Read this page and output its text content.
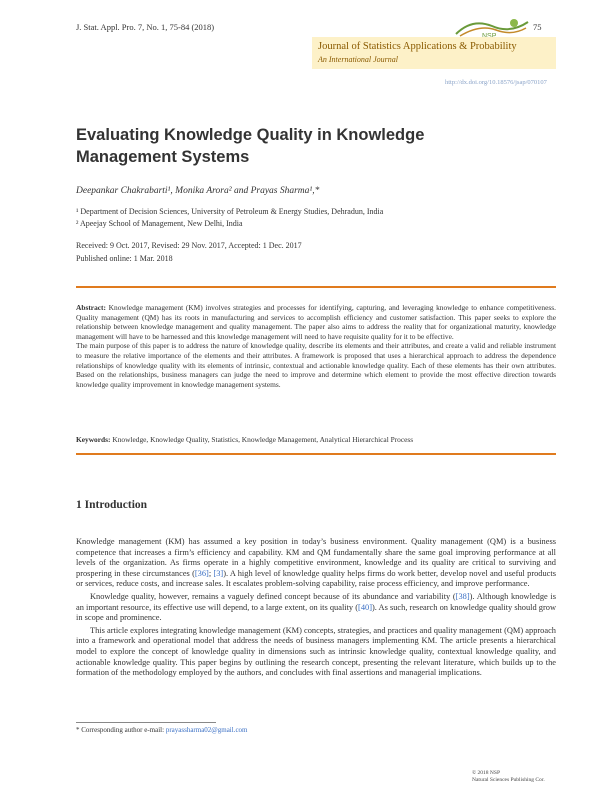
J. Stat. Appl. Pro. 7, No. 1, 75-84 (2018)	75
Journal of Statistics Applications & Probability
An International Journal
http://dx.doi.org/10.18576/jsap/070107
Evaluating Knowledge Quality in Knowledge Management Systems
Deepankar Chakrabarti¹, Monika Arora² and Prayas Sharma¹,*
¹ Department of Decision Sciences, University of Petroleum & Energy Studies, Dehradun, India
² Apeejay School of Management, New Delhi, India
Received: 9 Oct. 2017, Revised: 29 Nov. 2017, Accepted: 1 Dec. 2017
Published online: 1 Mar. 2018

Abstract: Knowledge management (KM) involves strategies and processes for identifying, capturing, and leveraging knowledge to enhance competitiveness. Quality management (QM) has its roots in manufacturing and services to accomplish efficiency and customer satisfaction. This paper seeks to explore the relationship between knowledge management and quality management. The paper also aims to address the reality that for organizational maturity, knowledge management will have to be harnessed and this knowledge management will need to have requisite quality for it to be effective.

The main purpose of this paper is to address the nature of knowledge quality, describe its elements and their attributes, and create a valid and reliable instrument to measure the relative importance of the elements and their attributes. A framework is proposed that uses a hierarchical approach to address the dependence relationships of knowledge quality with its elements of intrinsic, contextual and actionable knowledge quality. Each of these elements has their own attributes. Based on the relationships, business managers can judge the need to improve and determine which element to provide the most effective direction towards knowledge quality improvement in knowledge management systems.

Keywords: Knowledge, Knowledge Quality, Statistics, Knowledge Management, Analytical Hierarchical Process
1 Introduction

Knowledge management (KM) has assumed a key position in today’s business environment. Quality management (QM) is a business competence that increases a firm’s efficiency and capability. KM and QM fundamentally share the same goal improving performance at all levels of the organization. As firms operate in a highly competitive environment, knowledge and its quality are critical to surviving and prospering in these circumstances ([36]; [3]). A high level of knowledge quality helps firms do work better, develop novel and useful products or services, reduce costs, and increase sales. It escalates problem-solving capability, raise process efficiency, and improve performance.

Knowledge quality, however, remains a vaguely defined concept because of its abundance and variability ([38]). Although knowledge is an important resource, its effective use will depend, to a large extent, on its quality ([40]). As such, research on knowledge quality should grow in scope and prominence.

This article explores integrating knowledge management (KM) concepts, strategies, and practices and quality management (QM) approach into a framework and operational model that address the needs of business managers implementing KM. The article presents a hierarchical model to explore the concept of knowledge quality in dimensions such as intrinsic knowledge quality, contextual knowledge quality, and actionable knowledge quality. This paper begins by outlining the research concept, presenting the relevant literature, which builds up to the formation of the methodology employed by the authors, and concludes with final assertions and managerial implications.

* Corresponding author e-mail: prayassharma02@gmail.com
© 2018 NSP
Natural Sciences Publishing Cor.
